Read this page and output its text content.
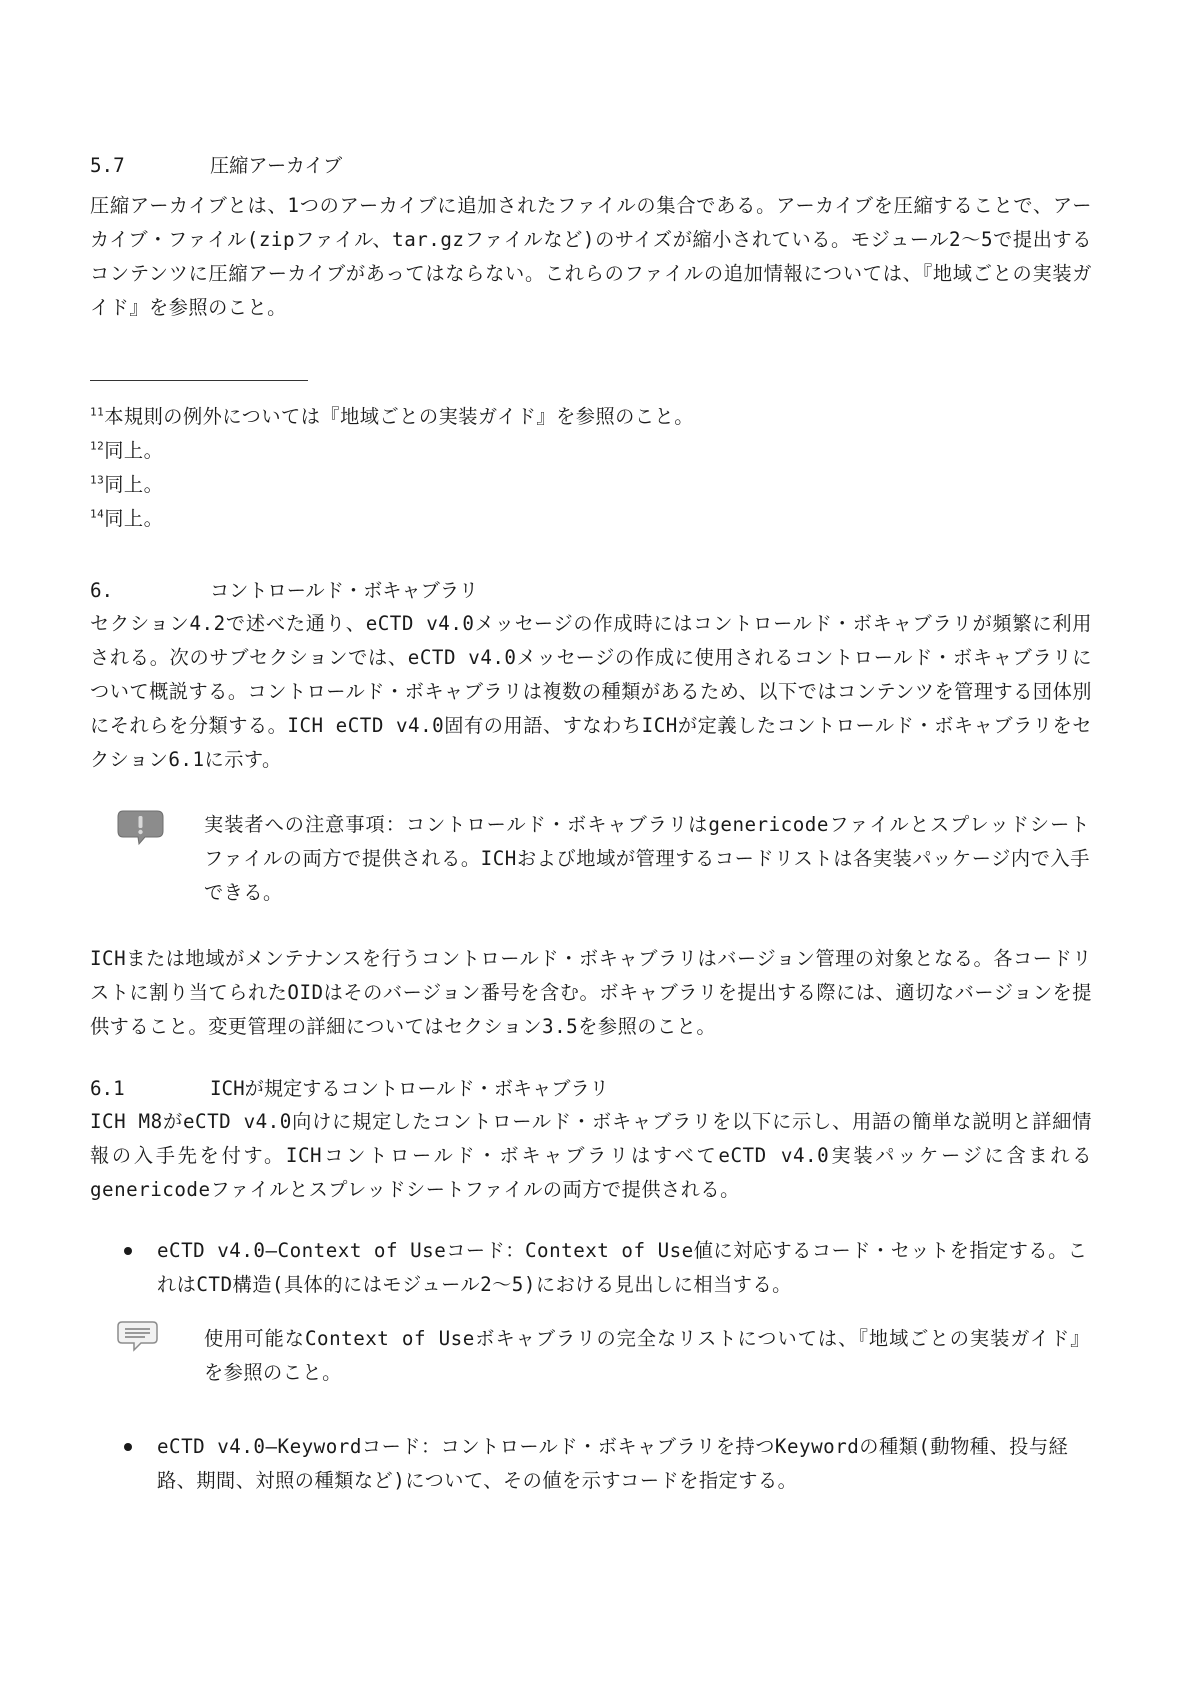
5.7	圧縮アーカイブ

圧縮アーカイブとは、1つのアーカイブに追加されたファイルの集合である。アーカイブを圧縮することで、アーカイブ・ファイル(zipファイル、tar.gzファイルなど)のサイズが縮小されている。モジュール2～5で提出するコンテンツに圧縮アーカイブがあってはならない。これらのファイルの追加情報については、『地域ごとの実装ガイド』を参照のこと。

$^{11}$本規則の例外については『地域ごとの実装ガイド』を参照のこと。

$^{12}$同上。

$^{13}$同上。

$^{14}$同上。

6.	コントロールド・ボキャブラリ

セクション4.2で述べた通り、eCTD v4.0メッセージの作成時にはコントロールド・ボキャブラリが頻繁に利用される。次のサブセクションでは、eCTD v4.0メッセージの作成に使用されるコントロールド・ボキャブラリについて概説する。コントロールド・ボキャブラリは複数の種類があるため、以下ではコンテンツを管理する団体別にそれらを分類する。ICH eCTD v4.0固有の用語、すなわちICHが定義したコントロールド・ボキャブラリをセクション6.1に示す。

実装者への注意事項：コントロールド・ボキャブラリはgenericodeファイルとスプレッドシートファイルの両方で提供される。ICHおよび地域が管理するコードリストは各実装パッケージ内で入手できる。

ICHまたは地域がメンテナンスを行うコントロールド・ボキャブラリはバージョン管理の対象となる。各コードリストに割り当てられたOIDはそのバージョン番号を含む。ボキャブラリを提出する際には、適切なバージョンを提供すること。変更管理の詳細についてはセクション3.5を参照のこと。

6.1	ICHが規定するコントロールド・ボキャブラリ

ICH M8がeCTD v4.0向けに規定したコントロールド・ボキャブラリを以下に示し、用語の簡単な説明と詳細情報の入手先を付す。ICHコントロールド・ボキャブラリはすべてeCTD v4.0実装パッケージに含まれるgenericodeファイルとスプレッドシートファイルの両方で提供される。

eCTD v4.0—Context of Useコード：Context of Use値に対応するコード・セットを指定する。これはCTD構造(具体的にはモジュール2～5)における見出しに相当する。

使用可能なContext of Useボキャブラリの完全なリストについては、『地域ごとの実装ガイド』を参照のこと。

eCTD v4.0—Keywordコード：コントロールド・ボキャブラリを持つKeywordの種類(動物種、投与経路、期間、対照の種類など)について、その値を示すコードを指定する。
